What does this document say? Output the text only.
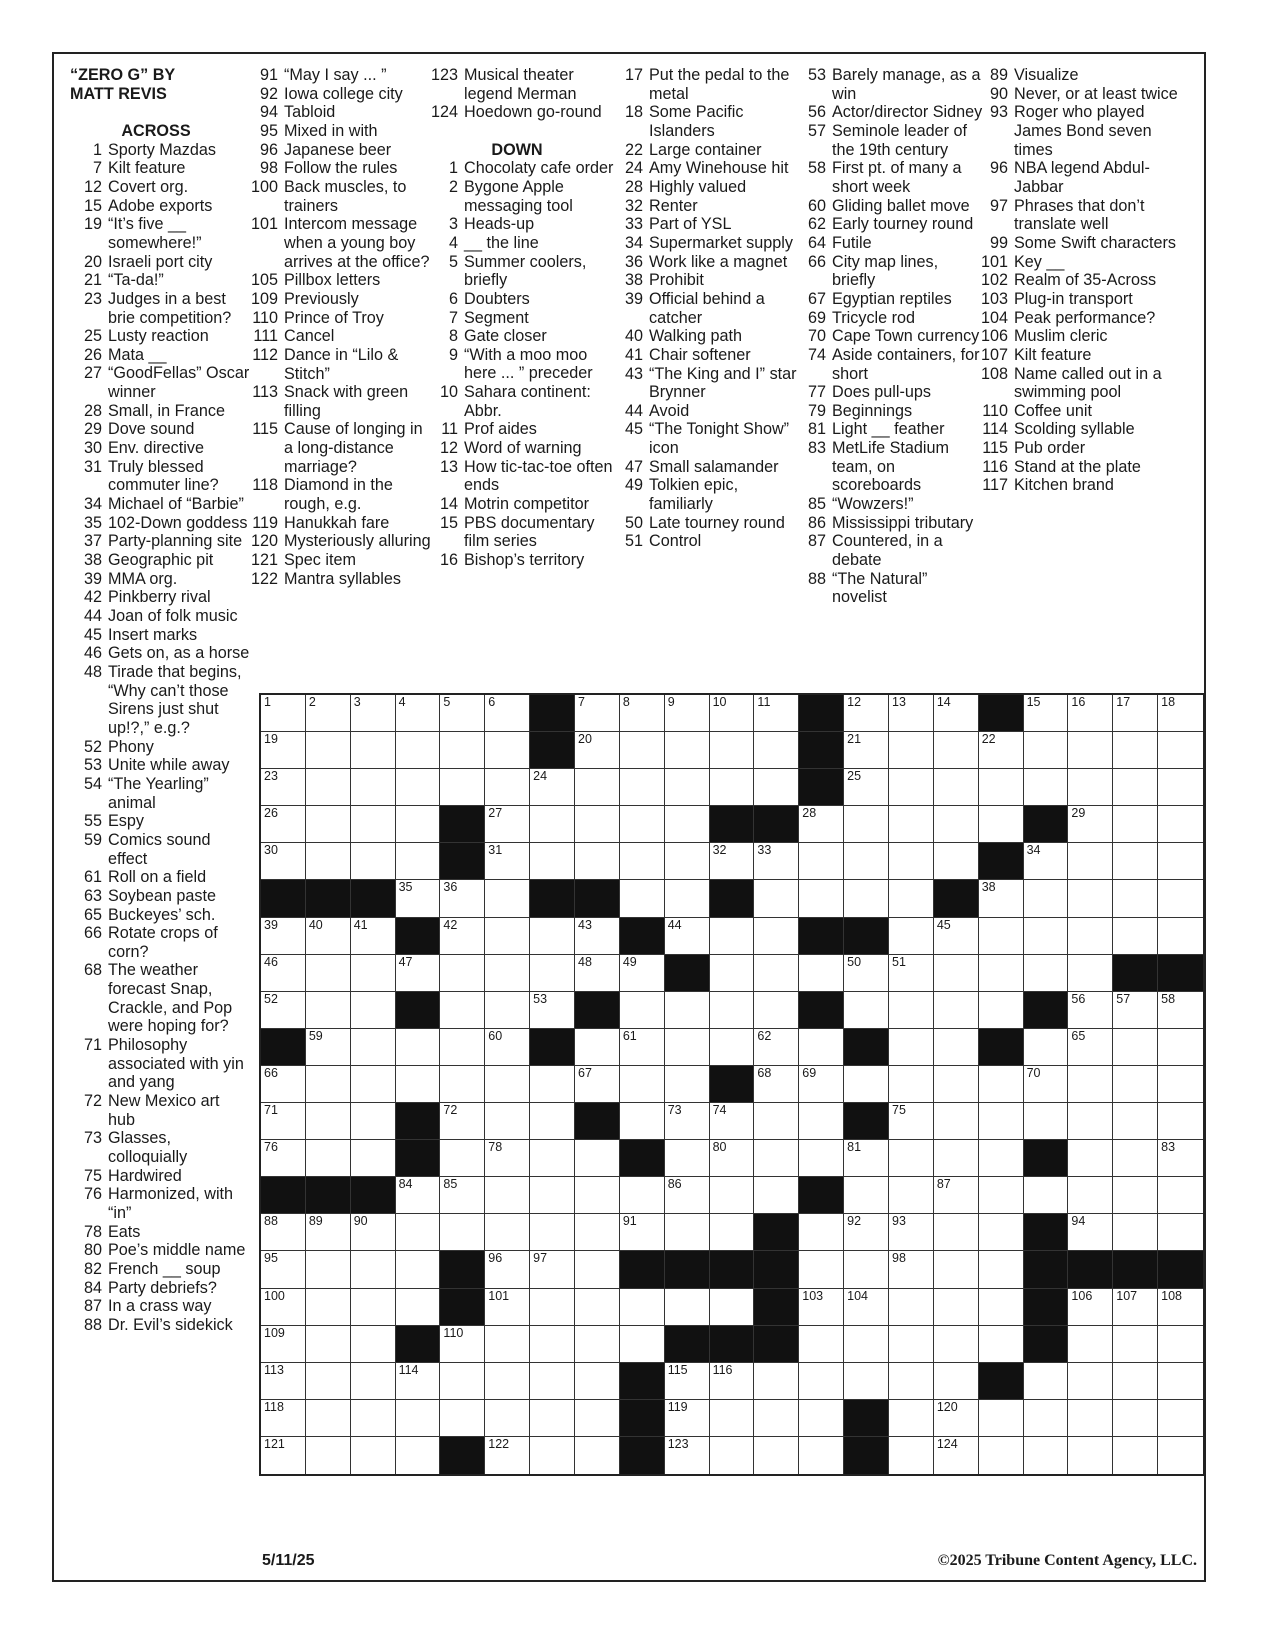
“ZERO G” BY
MATT REVIS
ACROSS
1 Sporty Mazdas
7 Kilt feature
12 Covert org.
15 Adobe exports
19 “It’s five __ somewhere!”
20 Israeli port city
21 “Ta-da!”
23 Judges in a best brie competition?
25 Lusty reaction
26 Mata __
27 “GoodFellas” Oscar winner
28 Small, in France
29 Dove sound
30 Env. directive
31 Truly blessed commuter line?
34 Michael of “Barbie”
35 102-Down goddess
37 Party-planning site
38 Geographic pit
39 MMA org.
42 Pinkberry rival
44 Joan of folk music
45 Insert marks
46 Gets on, as a horse
48 Tirade that begins, “Why can’t those Sirens just shut up!?,” e.g.?
52 Phony
53 Unite while away
54 “The Yearling” animal
55 Espy
59 Comics sound effect
61 Roll on a field
63 Soybean paste
65 Buckeyes’ sch.
66 Rotate crops of corn?
68 The weather forecast Snap, Crackle, and Pop were hoping for?
71 Philosophy associated with yin and yang
72 New Mexico art hub
73 Glasses, colloquially
75 Hardwired
76 Harmonized, with “in”
78 Eats
80 Poe’s middle name
82 French __ soup
84 Party debriefs?
87 In a crass way
88 Dr. Evil’s sidekick
91 “May I say ... ”
92 Iowa college city
94 Tabloid
95 Mixed in with
96 Japanese beer
98 Follow the rules
100 Back muscles, to trainers
101 Intercom message when a young boy arrives at the office?
105 Pillbox letters
109 Previously
110 Prince of Troy
111 Cancel
112 Dance in “Lilo & Stitch”
113 Snack with green filling
115 Cause of longing in a long-distance marriage?
118 Diamond in the rough, e.g.
119 Hanukkah fare
120 Mysteriously alluring
121 Spec item
122 Mantra syllables
123 Musical theater legend Merman
124 Hoedown go-round
DOWN
1 Chocolaty cafe order
2 Bygone Apple messaging tool
3 Heads-up
4 __ the line
5 Summer coolers, briefly
6 Doubters
7 Segment
8 Gate closer
9 “With a moo moo here ... ” preceder
10 Sahara continent: Abbr.
11 Prof aides
12 Word of warning
13 How tic-tac-toe often ends
14 Motrin competitor
15 PBS documentary film series
16 Bishop’s territory
17 Put the pedal to the metal
18 Some Pacific Islanders
22 Large container
24 Amy Winehouse hit
28 Highly valued
32 Renter
33 Part of YSL
34 Supermarket supply
36 Work like a magnet
38 Prohibit
39 Official behind a catcher
40 Walking path
41 Chair softener
43 “The King and I” star Brynner
44 Avoid
45 “The Tonight Show” icon
47 Small salamander
49 Tolkien epic, familiarly
50 Late tourney round
51 Control
53 Barely manage, as a win
56 Actor/director Sidney
57 Seminole leader of the 19th century
58 First pt. of many a short week
60 Gliding ballet move
62 Early tourney round
64 Futile
66 City map lines, briefly
67 Egyptian reptiles
69 Tricycle rod
70 Cape Town currency
74 Aside containers, for short
77 Does pull-ups
79 Beginnings
81 Light __ feather
83 MetLife Stadium team, on scoreboards
85 “Wowzers!”
86 Mississippi tributary
87 Countered, in a debate
88 “The Natural” novelist
89 Visualize
90 Never, or at least twice
93 Roger who played James Bond seven times
96 NBA legend Abdul-Jabbar
97 Phrases that don’t translate well
99 Some Swift characters
101 Key __
102 Realm of 35-Across
103 Plug-in transport
104 Peak performance?
106 Muslim cleric
107 Kilt feature
108 Name called out in a swimming pool
110 Coffee unit
114 Scolding syllable
115 Pub order
116 Stand at the plate
117 Kitchen brand
1	2	3	4	5	6	7	8	9	10 11	12 13 14	15 16 17 18
19	20	21	22
23	24	25
26	27	28	29
30	31	32 33	34
35 36	38
39 40 41	42	43	44	45
46	47	48 49	50 51
52	53	56 57 58
59	60	61	62	65
66	67	68 69	70
71	72	73 74	75
76	78	80	81	83
84 85	86	87
88 89 90	91	92 93	94
95	96 97	98
100	101	103 104	106 107 108
109	110
113	114	115 116
118	119	120
121	122	123	124
5/11/25	©2025 Tribune Content Agency, LLC.
